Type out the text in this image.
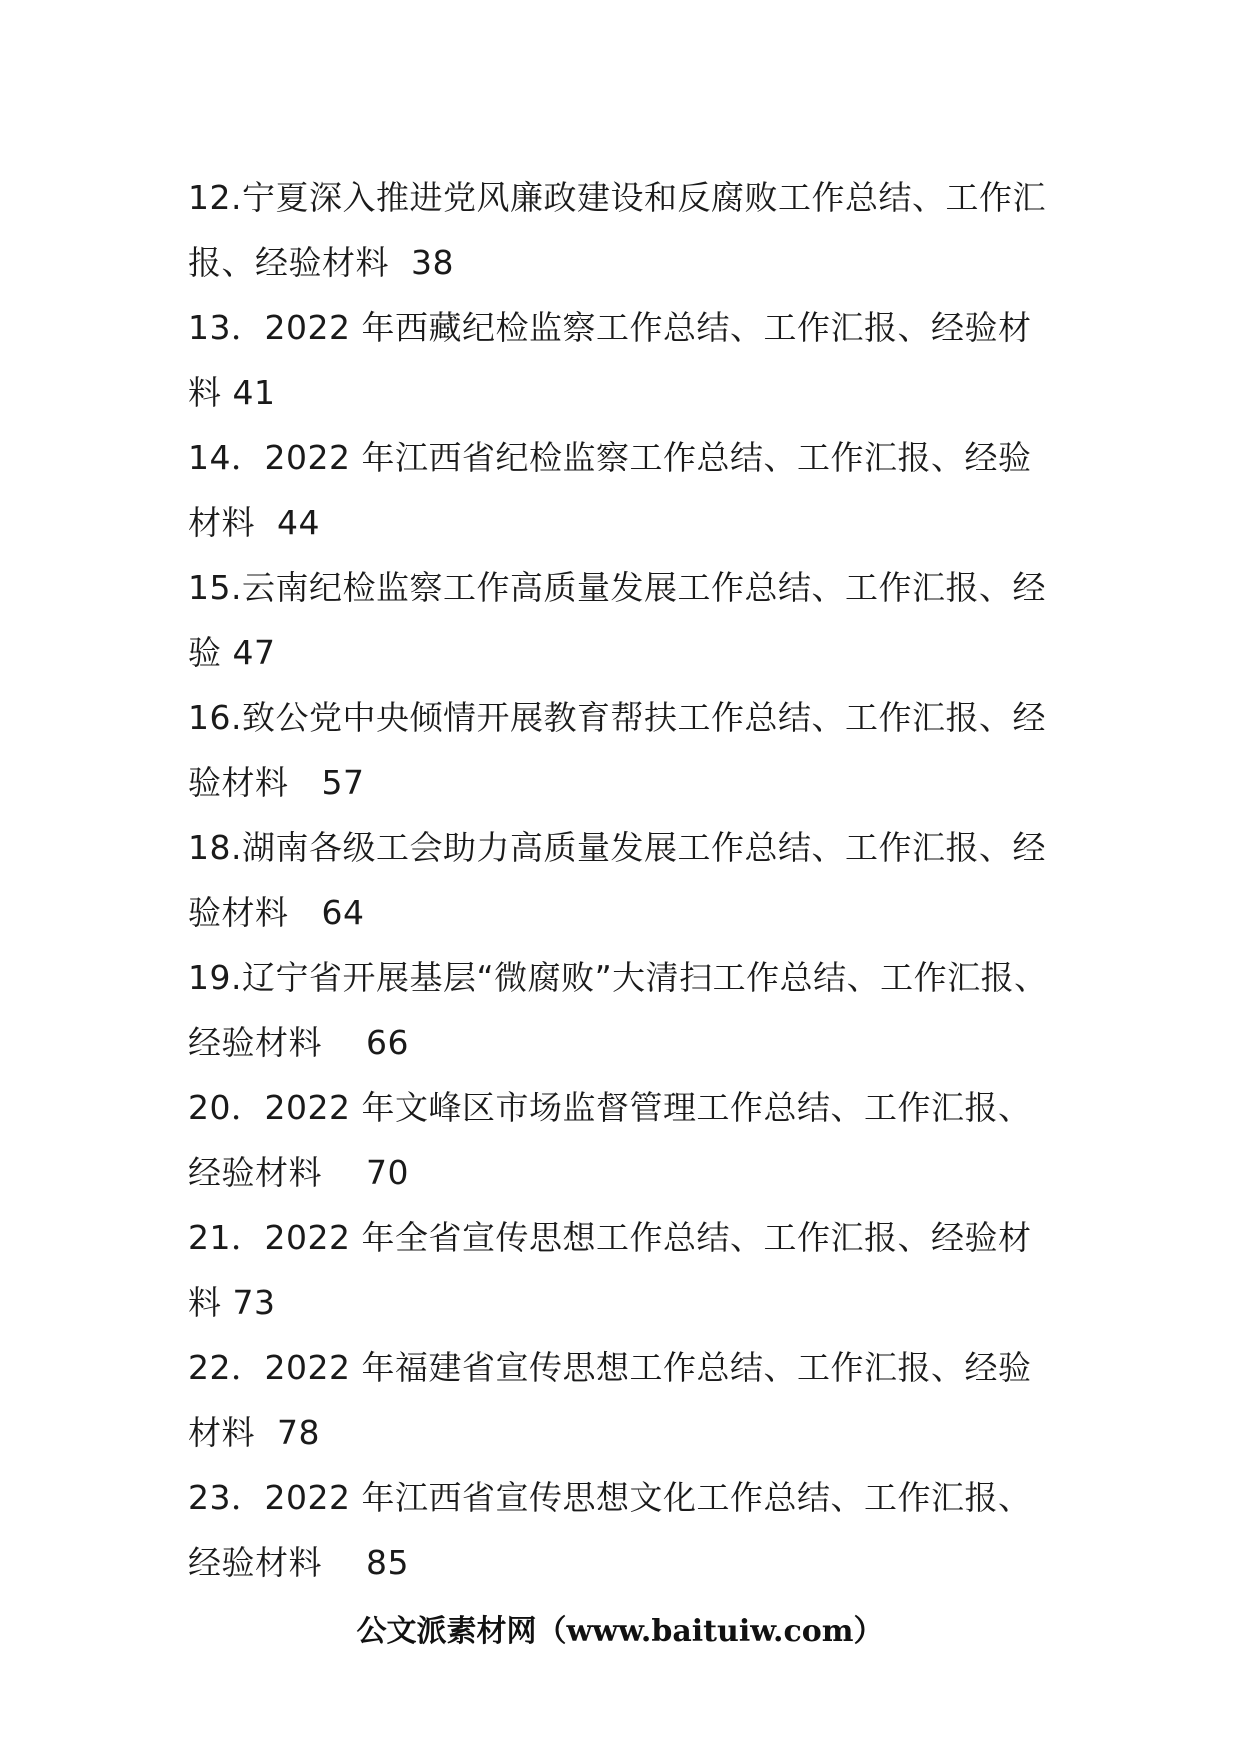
12.宁夏深入推进党风廉政建设和反腐败工作总结、工作汇
报、经验材料  38
13．2022 年西藏纪检监察工作总结、工作汇报、经验材
料 41
14．2022 年江西省纪检监察工作总结、工作汇报、经验
材料  44
15.云南纪检监察工作高质量发展工作总结、工作汇报、经
验 47
16.致公党中央倾情开展教育帮扶工作总结、工作汇报、经
验材料   57
18.湖南各级工会助力高质量发展工作总结、工作汇报、经
验材料   64
19.辽宁省开展基层“微腐败”大清扫工作总结、工作汇报、
经验材料    66
20．2022 年文峰区市场监督管理工作总结、工作汇报、
经验材料    70
21．2022 年全省宣传思想工作总结、工作汇报、经验材
料 73
22．2022 年福建省宣传思想工作总结、工作汇报、经验
材料  78
23．2022 年江西省宣传思想文化工作总结、工作汇报、
经验材料    85
公文派素材网（www.baituiw.com）
